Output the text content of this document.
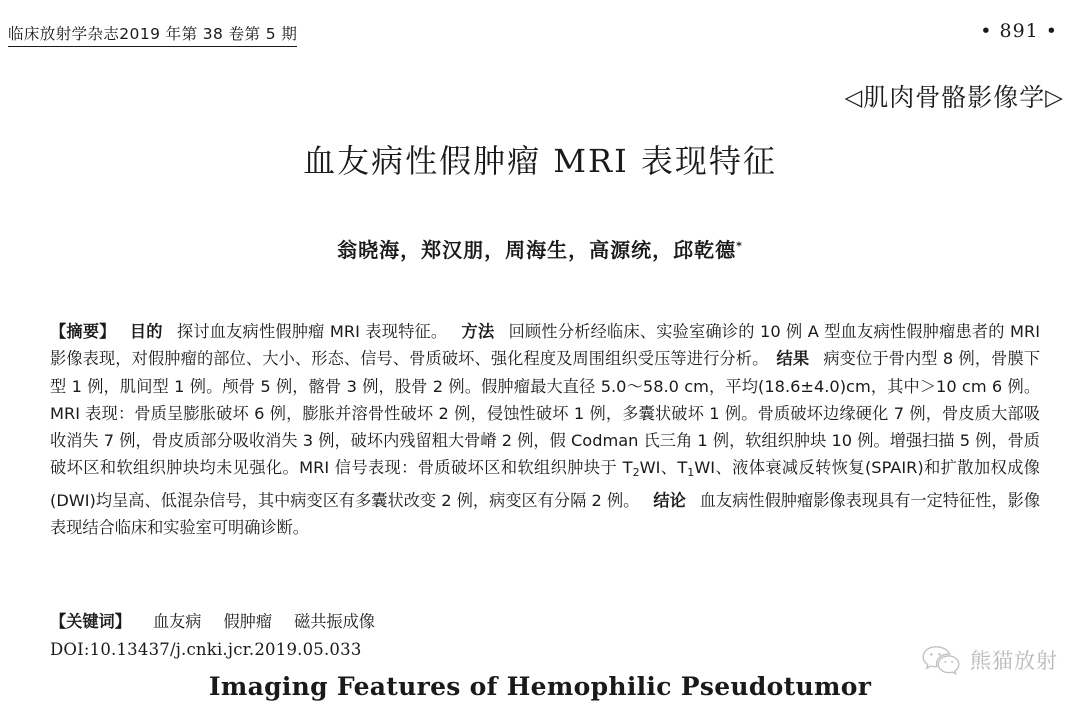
临床放射学杂志2019 年第 38 卷第 5 期	• 891 •
◁肌肉骨骼影像学▷
血友病性假肿瘤 MRI 表现特征
翁晓海，郑汉朋，周海生，高源统，邱乾德*
【摘要】 目的 探讨血友病性假肿瘤 MRI 表现特征。 方法 回顾性分析经临床、实验室确诊的 10 例 A 型血友病性假肿瘤患者的 MRI 影像表现，对假肿瘤的部位、大小、形态、信号、骨质破坏、强化程度及周围组织受压等进行分析。 结果 病变位于骨内型 8 例，骨膜下型 1 例，肌间型 1 例。颅骨 5 例，髂骨 3 例，股骨 2 例。假肿瘤最大直径 5.0～58.0 cm，平均(18.6±4.0)cm，其中＞10 cm 6 例。MRI 表现：骨质呈膨胀破坏 6 例，膨胀并溶骨性破坏 2 例，侵蚀性破坏 1 例，多囊状破坏 1 例。骨质破坏边缘硬化 7 例，骨皮质大部吸收消失 7 例，骨皮质部分吸收消失 3 例，破坏内残留粗大骨嵴 2 例，假 Codman 氏三角 1 例，软组织肿块 10 例。增强扫描 5 例，骨质破坏区和软组织肿块均未见强化。MRI 信号表现：骨质破坏区和软组织肿块于 $T_2WI$、$T_1WI$、液体衰减反转恢复(SPAIR)和扩散加权成像(DWI)均呈高、低混杂信号，其中病变区有多囊状改变 2 例，病变区有分隔 2 例。 结论 血友病性假肿瘤影像表现具有一定特征性，影像表现结合临床和实验室可明确诊断。
【关键词】 血友病 假肿瘤 磁共振成像
DOI:10.13437/j.cnki.jcr.2019.05.033
Imaging Features of Hemophilic Pseudotumor
熊猫放射
